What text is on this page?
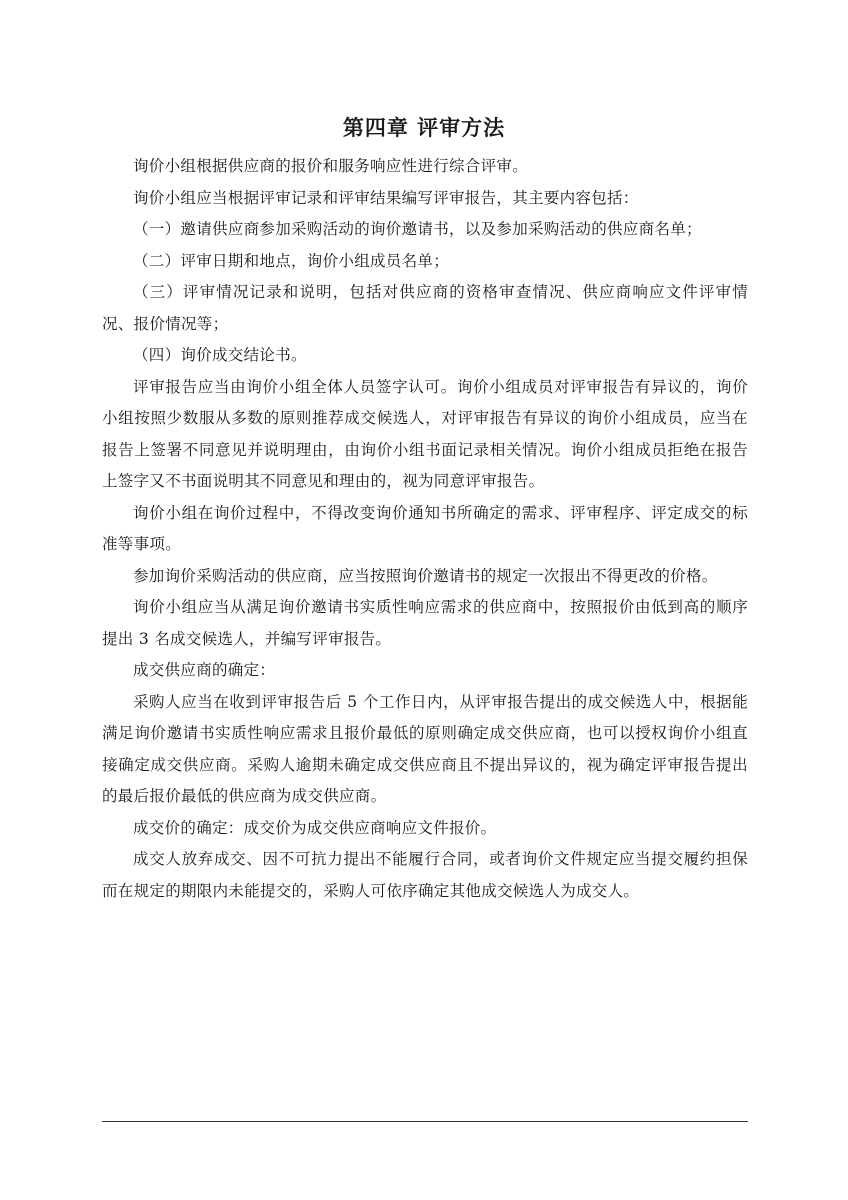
第四章 评审方法

询价小组根据供应商的报价和服务响应性进行综合评审。

询价小组应当根据评审记录和评审结果编写评审报告，其主要内容包括：

（一）邀请供应商参加采购活动的询价邀请书，以及参加采购活动的供应商名单；

（二）评审日期和地点，询价小组成员名单；

（三）评审情况记录和说明，包括对供应商的资格审查情况、供应商响应文件评审情况、报价情况等；

（四）询价成交结论书。

评审报告应当由询价小组全体人员签字认可。询价小组成员对评审报告有异议的，询价小组按照少数服从多数的原则推荐成交候选人，对评审报告有异议的询价小组成员，应当在报告上签署不同意见并说明理由，由询价小组书面记录相关情况。询价小组成员拒绝在报告上签字又不书面说明其不同意见和理由的，视为同意评审报告。

询价小组在询价过程中，不得改变询价通知书所确定的需求、评审程序、评定成交的标准等事项。

参加询价采购活动的供应商，应当按照询价邀请书的规定一次报出不得更改的价格。

询价小组应当从满足询价邀请书实质性响应需求的供应商中，按照报价由低到高的顺序提出 3 名成交候选人，并编写评审报告。

成交供应商的确定：

采购人应当在收到评审报告后 5 个工作日内，从评审报告提出的成交候选人中，根据能满足询价邀请书实质性响应需求且报价最低的原则确定成交供应商，也可以授权询价小组直接确定成交供应商。采购人逾期未确定成交供应商且不提出异议的，视为确定评审报告提出的最后报价最低的供应商为成交供应商。

成交价的确定：成交价为成交供应商响应文件报价。

成交人放弃成交、因不可抗力提出不能履行合同，或者询价文件规定应当提交履约担保而在规定的期限内未能提交的，采购人可依序确定其他成交候选人为成交人。
